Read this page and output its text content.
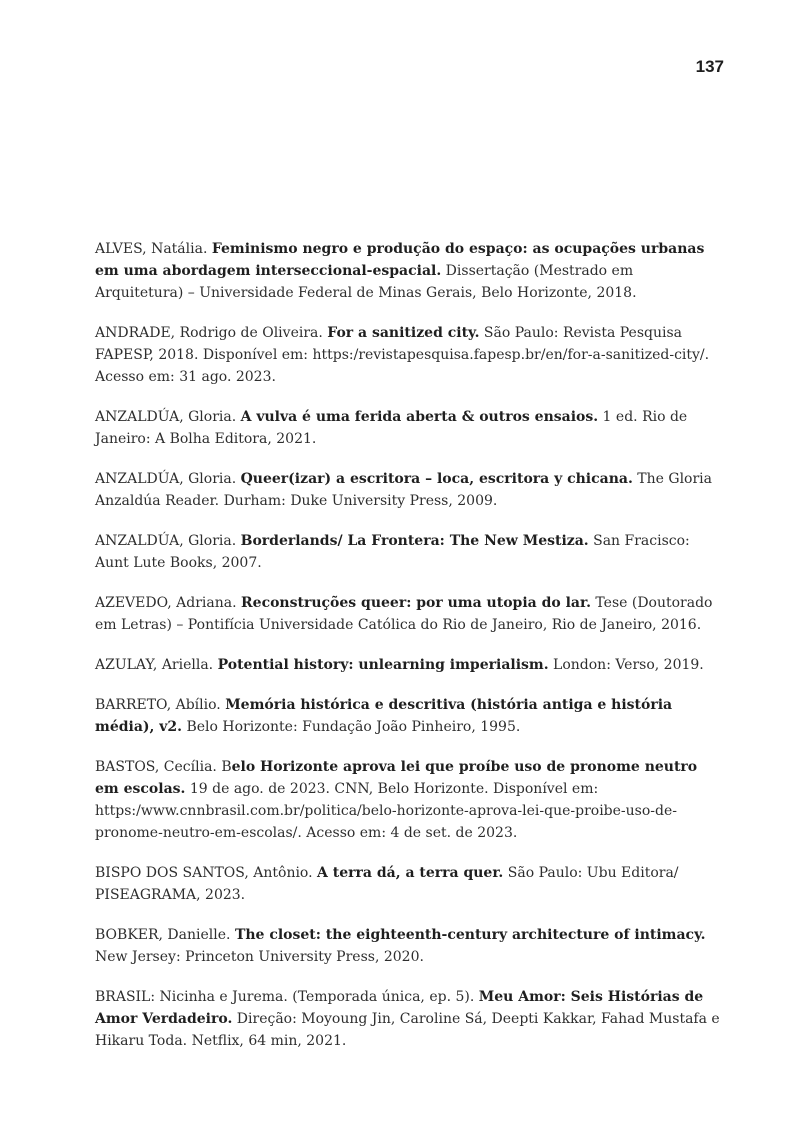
137

ALVES, Natália. Feminismo negro e produção do espaço: as ocupações urbanas em uma abordagem interseccional-espacial. Dissertação (Mestrado em Arquitetura) – Universidade Federal de Minas Gerais, Belo Horizonte, 2018.

ANDRADE, Rodrigo de Oliveira. For a sanitized city. São Paulo: Revista Pesquisa FAPESP, 2018. Disponível em: https:/revistapesquisa.fapesp.br/en/for-a-sanitized-city/. Acesso em: 31 ago. 2023.

ANZALDÚA, Gloria. A vulva é uma ferida aberta & outros ensaios. 1 ed. Rio de Janeiro: A Bolha Editora, 2021.

ANZALDÚA, Gloria. Queer(izar) a escritora – loca, escritora y chicana. The Gloria Anzaldúa Reader. Durham: Duke University Press, 2009.

ANZALDÚA, Gloria. Borderlands/ La Frontera: The New Mestiza. San Fracisco: Aunt Lute Books, 2007.

AZEVEDO, Adriana. Reconstruções queer: por uma utopia do lar. Tese (Doutorado em Letras) – Pontifícia Universidade Católica do Rio de Janeiro, Rio de Janeiro, 2016.

AZULAY, Ariella. Potential history: unlearning imperialism. London: Verso, 2019.

BARRETO, Abílio. Memória histórica e descritiva (história antiga e história média), v2. Belo Horizonte: Fundação João Pinheiro, 1995.

BASTOS, Cecília. Belo Horizonte aprova lei que proíbe uso de pronome neutro em escolas. 19 de ago. de 2023. CNN, Belo Horizonte. Disponível em: https:/www.cnnbrasil.com.br/politica/belo-horizonte-aprova-lei-que-proibe-uso-de-pronome-neutro-em-escolas/. Acesso em: 4 de set. de 2023.

BISPO DOS SANTOS, Antônio. A terra dá, a terra quer. São Paulo: Ubu Editora/ PISEAGRAMA, 2023.

BOBKER, Danielle. The closet: the eighteenth-century architecture of intimacy. New Jersey: Princeton University Press, 2020.

BRASIL: Nicinha e Jurema. (Temporada única, ep. 5). Meu Amor: Seis Histórias de Amor Verdadeiro. Direção: Moyoung Jin, Caroline Sá, Deepti Kakkar, Fahad Mustafa e Hikaru Toda. Netflix, 64 min, 2021.
